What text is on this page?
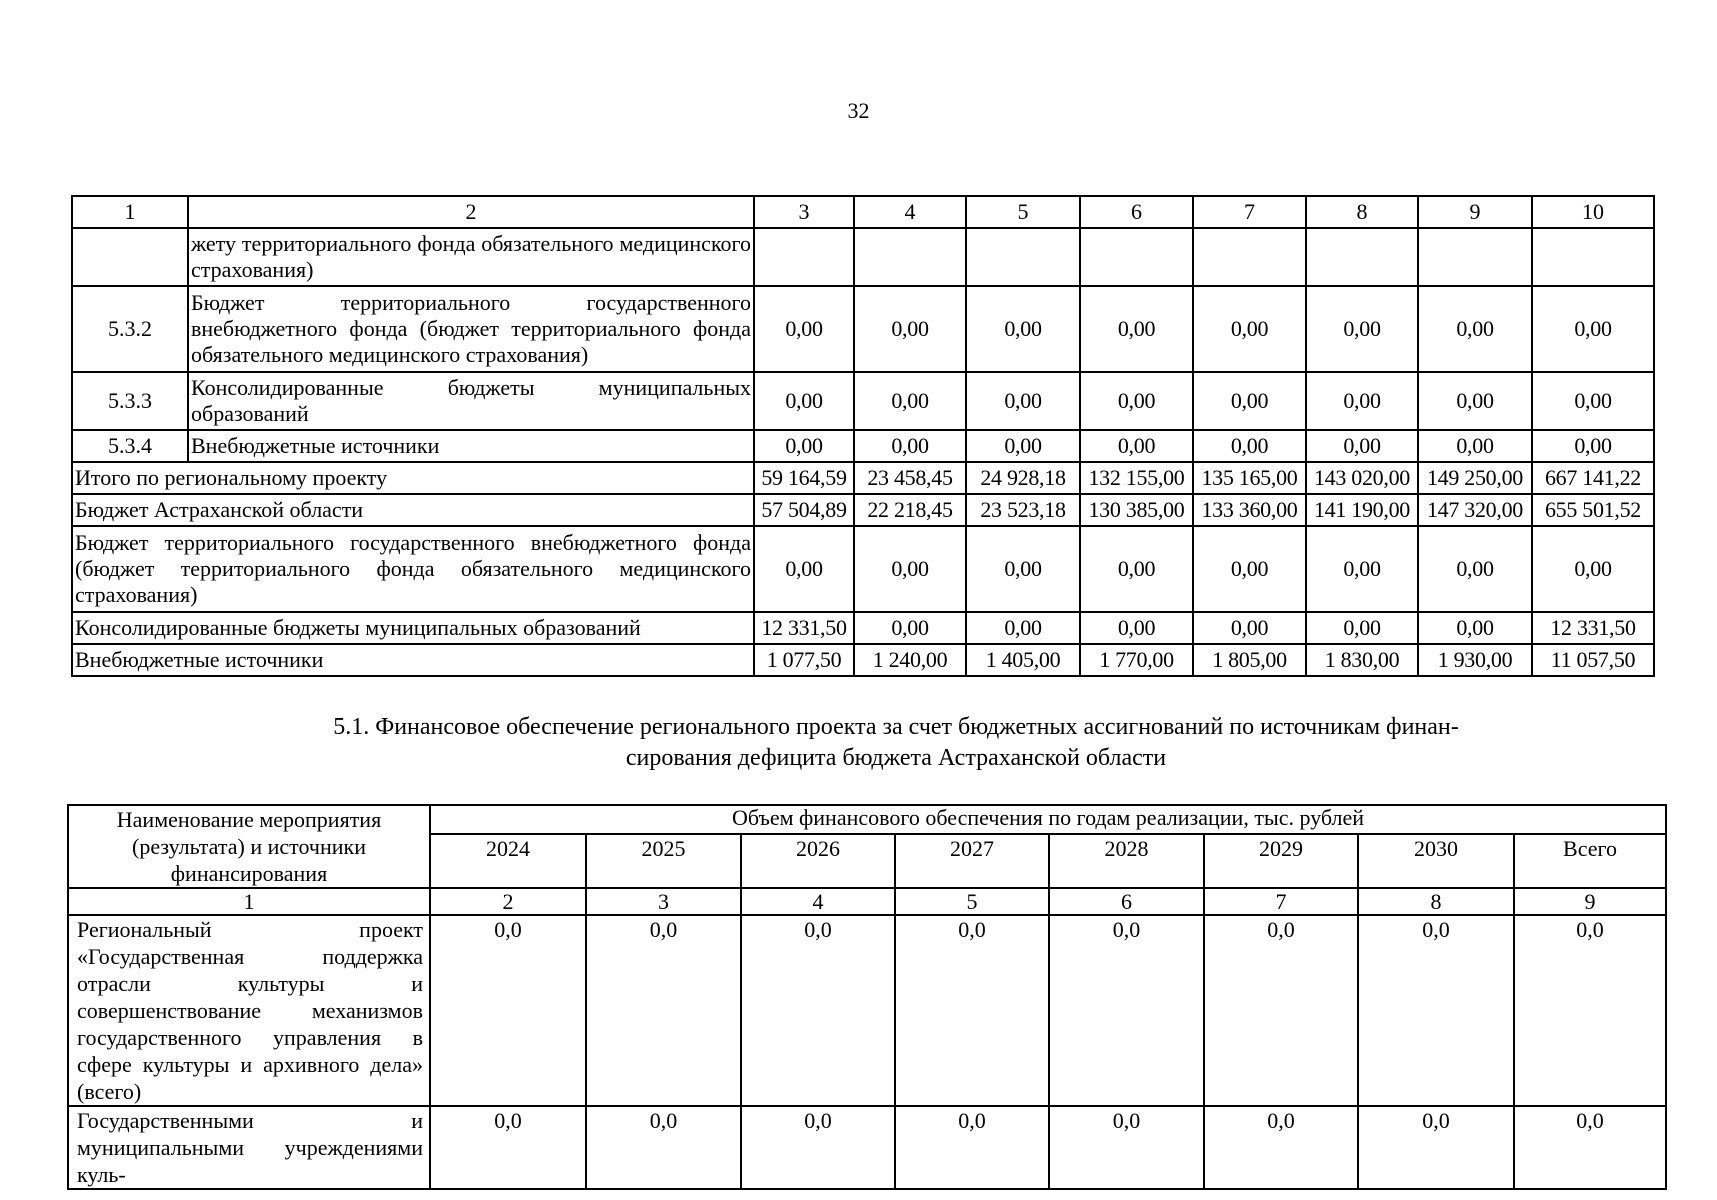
32
1	2	3	4	5	6	7	8	9	10
	жету территориального фонда обязательного медицинского страхования)								
5.3.2	Бюджет территориального государственного внебюджетного фонда (бюджет территориального фонда обязательного медицинского страхования)	0,00	0,00	0,00	0,00	0,00	0,00	0,00	0,00
5.3.3	Консолидированные бюджеты муниципальных образований	0,00	0,00	0,00	0,00	0,00	0,00	0,00	0,00
5.3.4	Внебюджетные источники	0,00	0,00	0,00	0,00	0,00	0,00	0,00	0,00
Итого по региональному проекту		59 164,59	23 458,45	24 928,18	132 155,00	135 165,00	143 020,00	149 250,00	667 141,22
Бюджет Астраханской области		57 504,89	22 218,45	23 523,18	130 385,00	133 360,00	141 190,00	147 320,00	655 501,52
Бюджет территориального государственного внебюджетного фонда (бюджет территориального фонда обязательного медицинского страхования)		0,00	0,00	0,00	0,00	0,00	0,00	0,00	0,00
Консолидированные бюджеты муниципальных образований		12 331,50	0,00	0,00	0,00	0,00	0,00	0,00	12 331,50
Внебюджетные источники		1 077,50	1 240,00	1 405,00	1 770,00	1 805,00	1 830,00	1 930,00	11 057,50
5.1. Финансовое обеспечение регионального проекта за счет бюджетных ассигнований по источникам финан-
сирования дефицита бюджета Астраханской области
Наименование мероприятия (результата) и источники финансирования	Объем финансового обеспечения по годам реализации, тыс. рублей							
	2024	2025	2026	2027	2028	2029	2030	Всего
1	2	3	4	5	6	7	8	9
Региональный проект «Государственная поддержка отрасли культуры и совершенствование механизмов государственного управления в сфере культуры и архивного дела» (всего)	0,0	0,0	0,0	0,0	0,0	0,0	0,0	0,0
Государственными и муниципальными учреждениями куль-	0,0	0,0	0,0	0,0	0,0	0,0	0,0	0,0
